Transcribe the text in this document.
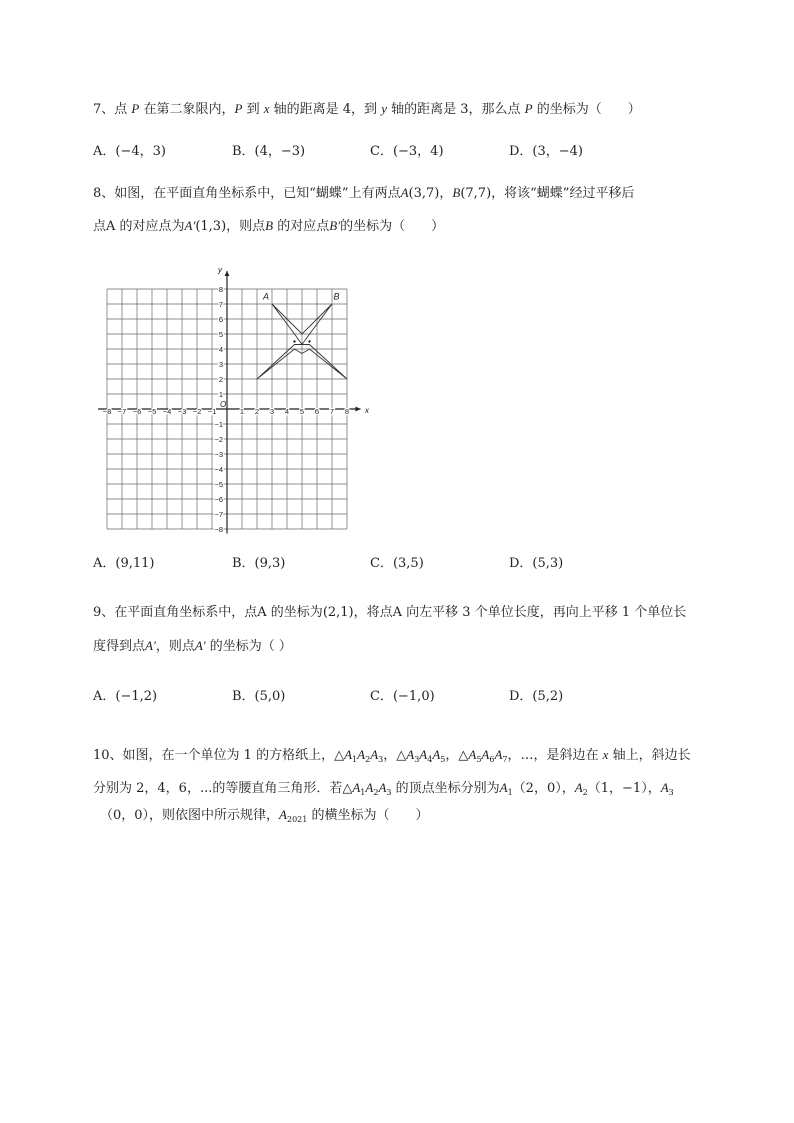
7、点 P 在第二象限内，P 到 x 轴的距离是 4，到 y 轴的距离是 3，那么点 P 的坐标为（　　）
A．(−4，3)	B．(4，−3)	C．(−3，4)	D．(3，−4)
8、如图，在平面直角坐标系中，已知“蝴蝶”上有两点A(3,7)，B(7,7)，将该“蝴蝶”经过平移后
点A 的对应点为A′(1,3)，则点B 的对应点B′的坐标为（　　）
x
y
O
−8 −7 −6 −5 −4 −3 −2 −1	1 2 3 4 5 6 7 8
8
7
6
5
4
3
2
1
−1
−2
−3
−4
−5
−6
−7
−8
A	B
A．(9,11)	B．(9,3)	C．(3,5)	D．(5,3)
9、在平面直角坐标系中，点A 的坐标为(2,1)，将点A 向左平移 3 个单位长度，再向上平移 1 个单位长
度得到点A′，则点A′ 的坐标为（ ）
A．(−1,2)	B．(5,0)	C．(−1,0)	D．(5,2)
10、如图，在一个单位为 1 的方格纸上，$\triangle A_1A_2A_3$，$\triangle A_3A_4A_5$，$\triangle A_5A_6A_7$，…，是斜边在 x 轴上，斜边长
分别为 2，4，6，...的等腰直角三角形．若$\triangle A_1A_2A_3$ 的顶点坐标分别为$A_1(2$，0），$A_2(1$，−1），$A_3$
（0，0），则依图中所示规律，$A_{2021}$ 的横坐标为（　　）
